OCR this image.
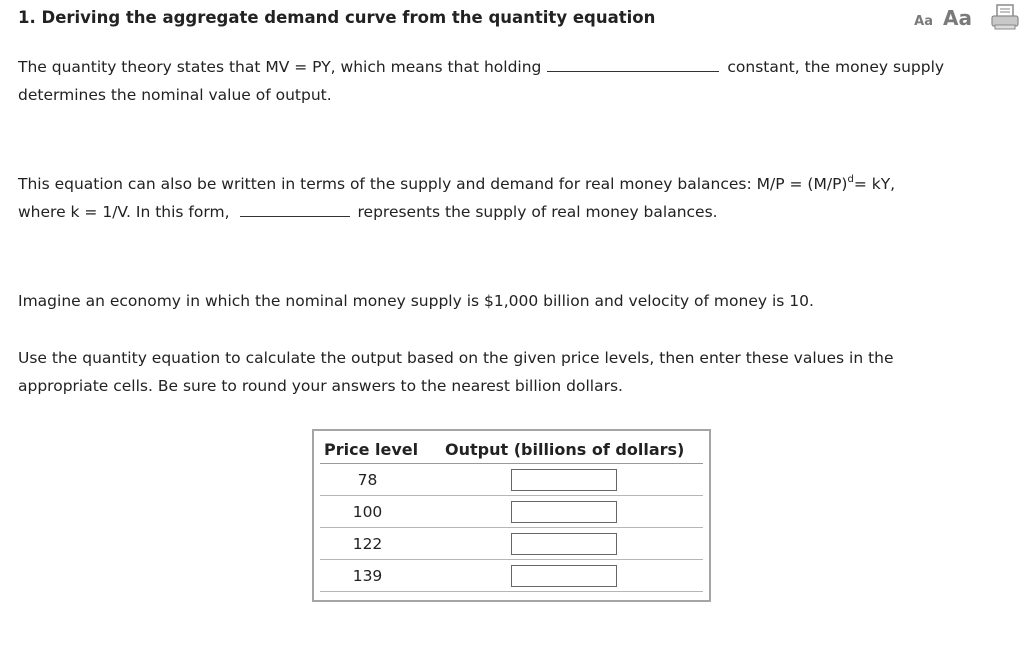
1. Deriving the aggregate demand curve from the quantity equation	Aa Aa
The quantity theory states that MV = PY, which means that holding	constant, the money supply
determines the nominal value of output.
This equation can also be written in terms of the supply and demand for real money balances: $M/P = (M/P)^d=$ kY,
where k = 1/V. In this form,	represents the supply of real money balances.
Imagine an economy in which the nominal money supply is $1,000 billion and velocity of money is 10.
Use the quantity equation to calculate the output based on the given price levels, then enter these values in the
appropriate cells. Be sure to round your answers to the nearest billion dollars.
Price level	Output (billions of dollars)
78	
100	
122	
139	
